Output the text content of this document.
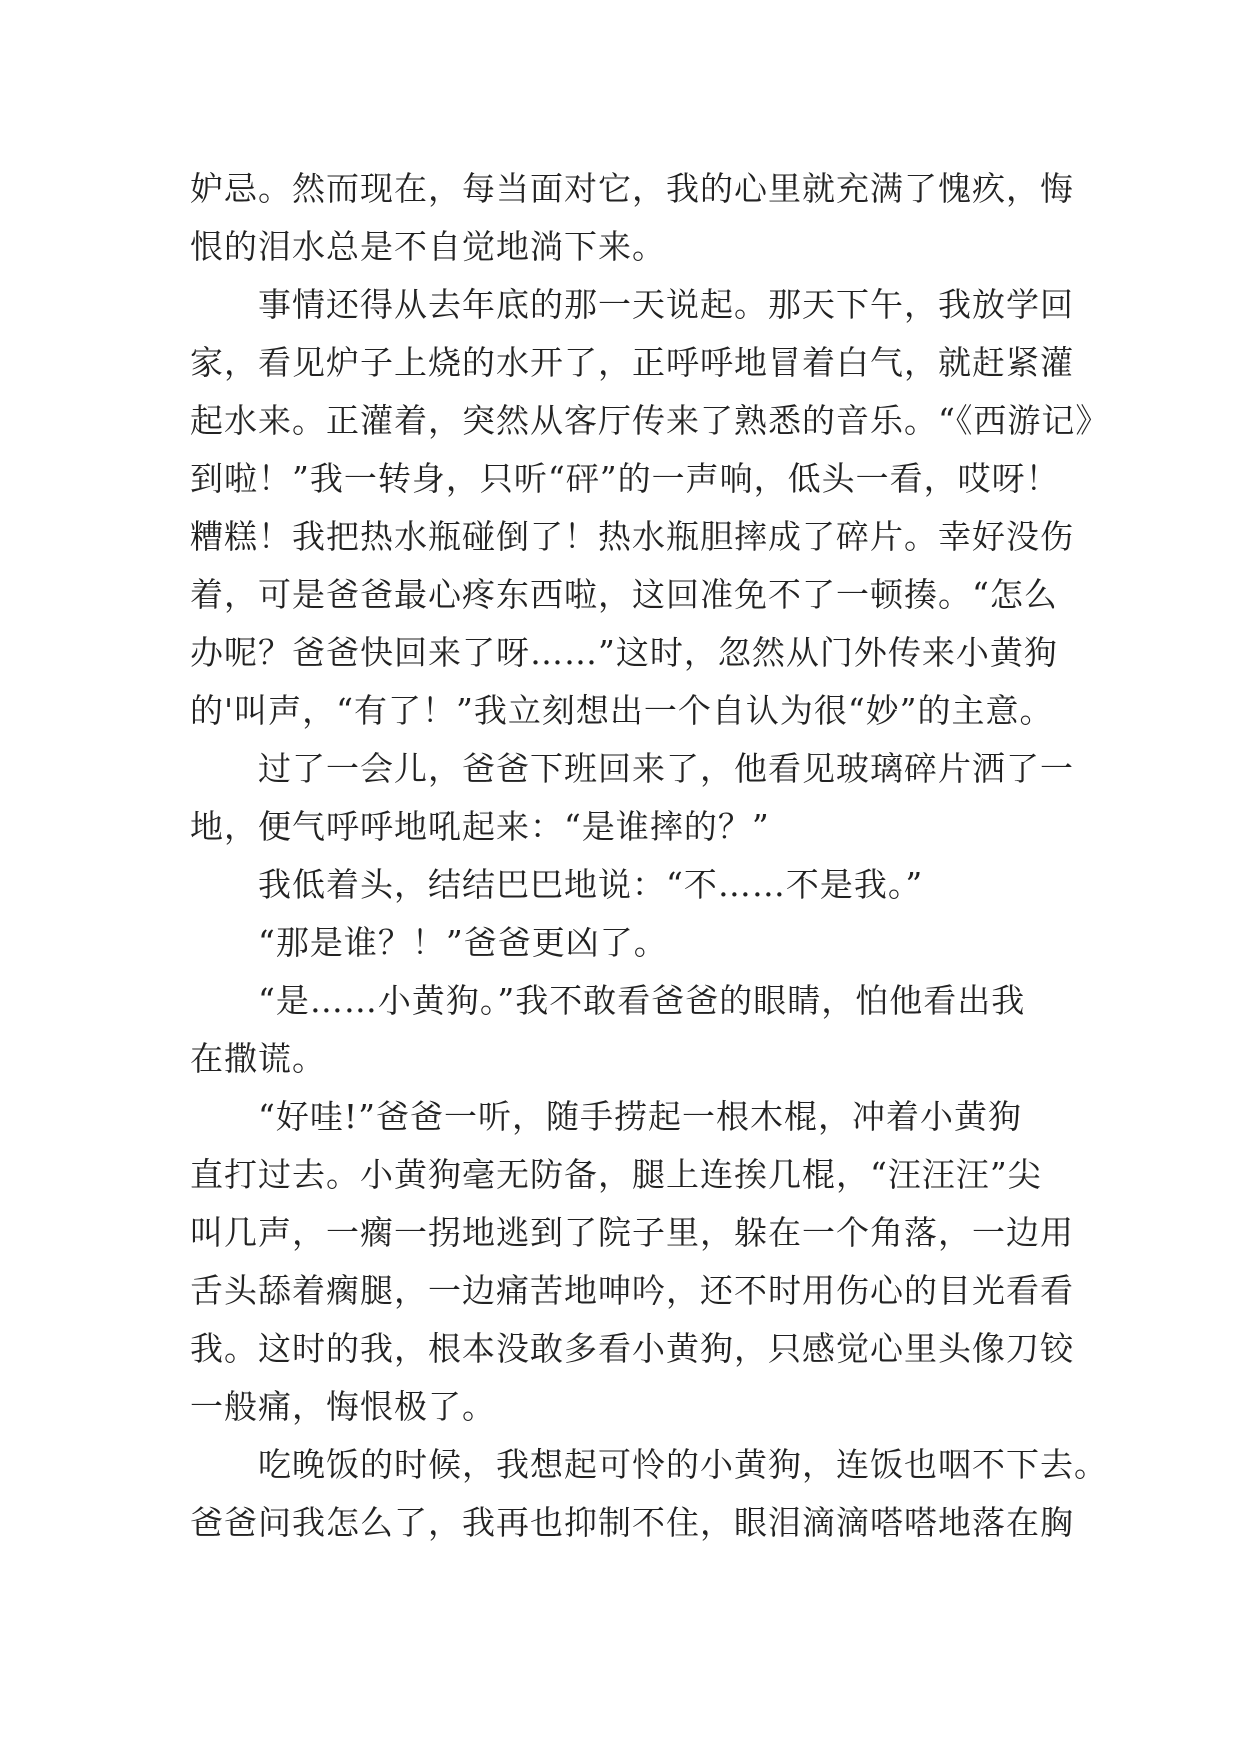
妒忌。然而现在，每当面对它，我的心里就充满了愧疚，悔
恨的泪水总是不自觉地淌下来。
事情还得从去年底的那一天说起。那天下午，我放学回
家，看见炉子上烧的水开了，正呼呼地冒着白气，就赶紧灌
起水来。正灌着，突然从客厅传来了熟悉的音乐。“《西游记》
到啦！”我一转身，只听“砰”的一声响，低头一看，哎呀！
糟糕！我把热水瓶碰倒了！热水瓶胆摔成了碎片。幸好没伤
着，可是爸爸最心疼东西啦，这回准免不了一顿揍。“怎么
办呢？爸爸快回来了呀……”这时，忽然从门外传来小黄狗
的'叫声，“有了！”我立刻想出一个自认为很“妙”的主意。
过了一会儿，爸爸下班回来了，他看见玻璃碎片洒了一
地，便气呼呼地吼起来：“是谁摔的？”
我低着头，结结巴巴地说：“不……不是我。”
“那是谁？！”爸爸更凶了。
“是……小黄狗。”我不敢看爸爸的眼睛，怕他看出我
在撒谎。
“好哇!”爸爸一听，随手捞起一根木棍，冲着小黄狗
直打过去。小黄狗毫无防备，腿上连挨几棍，“汪汪汪”尖
叫几声，一瘸一拐地逃到了院子里，躲在一个角落，一边用
舌头舔着瘸腿，一边痛苦地呻吟，还不时用伤心的目光看看
我。这时的我，根本没敢多看小黄狗，只感觉心里头像刀铰
一般痛，悔恨极了。
吃晚饭的时候，我想起可怜的小黄狗，连饭也咽不下去。
爸爸问我怎么了，我再也抑制不住，眼泪滴滴嗒嗒地落在胸
